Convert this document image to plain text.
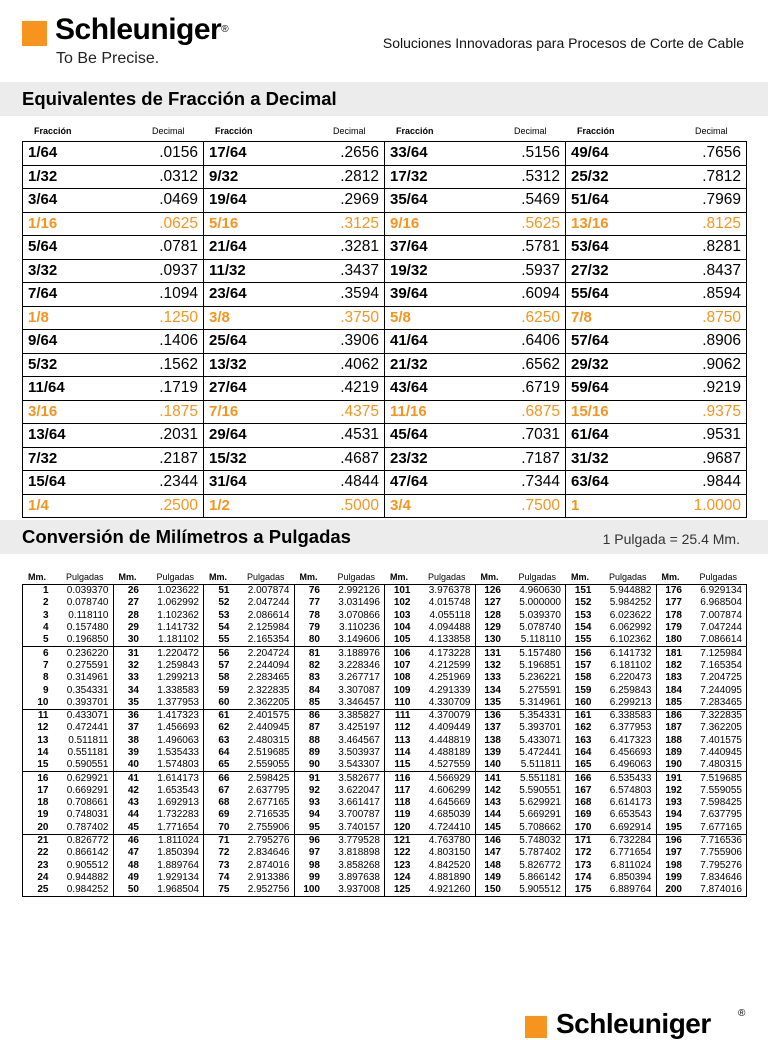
Schleuniger®
To Be Precise.
Soluciones Innovadoras para Procesos de Corte de Cable
Equivalentes de Fracción a Decimal
Fracción	Decimal	Fracción	Decimal	Fracción	Decimal	Fracción	Decimal
1/64	.0156	17/64	.2656	33/64	.5156	49/64	.7656
1/32	.0312	9/32	.2812	17/32	.5312	25/32	.7812
3/64	.0469	19/64	.2969	35/64	.5469	51/64	.7969
1/16	.0625	5/16	.3125	9/16	.5625	13/16	.8125
5/64	.0781	21/64	.3281	37/64	.5781	53/64	.8281
3/32	.0937	11/32	.3437	19/32	.5937	27/32	.8437
7/64	.1094	23/64	.3594	39/64	.6094	55/64	.8594
1/8	.1250	3/8	.3750	5/8	.6250	7/8	.8750
9/64	.1406	25/64	.3906	41/64	.6406	57/64	.8906
5/32	.1562	13/32	.4062	21/32	.6562	29/32	.9062
11/64	.1719	27/64	.4219	43/64	.6719	59/64	.9219
3/16	.1875	7/16	.4375	11/16	.6875	15/16	.9375
13/64	.2031	29/64	.4531	45/64	.7031	61/64	.9531
7/32	.2187	15/32	.4687	23/32	.7187	31/32	.9687
15/64	.2344	31/64	.4844	47/64	.7344	63/64	.9844
1/4	.2500	1/2	.5000	3/4	.7500	1	1.0000
Conversión de Milímetros a Pulgadas	1 Pulgada = 25.4 Mm.
Mm. Pulgadas Mm. Pulgadas Mm. Pulgadas Mm. Pulgadas Mm. Pulgadas Mm. Pulgadas Mm. Pulgadas Mm. Pulgadas
1	0.039370	26	1.023622	51	2.007874	76	2.992126	101	3.976378	126	4.960630	151	5.944882	176	6.929134
2	0.078740	27	1.062992	52	2.047244	77	3.031496	102	4.015748	127	5.000000	152	5.984252	177	6.968504
3	0.118110	28	1.102362	53	2.086614	78	3.070866	103	4.055118	128	5.039370	153	6.023622	178	7.007874
4	0.157480	29	1.141732	54	2.125984	79	3.110236	104	4.094488	129	5.078740	154	6.062992	179	7.047244
5	0.196850	30	1.181102	55	2.165354	80	3.149606	105	4.133858	130	5.118110	155	6.102362	180	7.086614
6	0.236220	31	1.220472	56	2.204724	81	3.188976	106	4.173228	131	5.157480	156	6.141732	181	7.125984
7	0.275591	32	1.259843	57	2.244094	82	3.228346	107	4.212599	132	5.196851	157	6.181102	182	7.165354
8	0.314961	33	1.299213	58	2.283465	83	3.267717	108	4.251969	133	5.236221	158	6.220473	183	7.204725
9	0.354331	34	1.338583	59	2.322835	84	3.307087	109	4.291339	134	5.275591	159	6.259843	184	7.244095
10	0.393701	35	1.377953	60	2.362205	85	3.346457	110	4.330709	135	5.314961	160	6.299213	185	7.283465
11	0.433071	36	1.417323	61	2.401575	86	3.385827	111	4.370079	136	5.354331	161	6.338583	186	7.322835
12	0.472441	37	1.456693	62	2.440945	87	3.425197	112	4.409449	137	5.393701	162	6.377953	187	7.362205
13	0.511811	38	1.496063	63	2.480315	88	3.464567	113	4.448819	138	5.433071	163	6.417323	188	7.401575
14	0.551181	39	1.535433	64	2.519685	89	3.503937	114	4.488189	139	5.472441	164	6.456693	189	7.440945
15	0.590551	40	1.574803	65	2.559055	90	3.543307	115	4.527559	140	5.511811	165	6.496063	190	7.480315
16	0.629921	41	1.614173	66	2.598425	91	3.582677	116	4.566929	141	5.551181	166	6.535433	191	7.519685
17	0.669291	42	1.653543	67	2.637795	92	3.622047	117	4.606299	142	5.590551	167	6.574803	192	7.559055
18	0.708661	43	1.692913	68	2.677165	93	3.661417	118	4.645669	143	5.629921	168	6.614173	193	7.598425
19	0.748031	44	1.732283	69	2.716535	94	3.700787	119	4.685039	144	5.669291	169	6.653543	194	7.637795
20	0.787402	45	1.771654	70	2.755906	95	3.740157	120	4.724410	145	5.708662	170	6.692914	195	7.677165
21	0.826772	46	1.811024	71	2.795276	96	3.779528	121	4.763780	146	5.748032	171	6.732284	196	7.716536
22	0.866142	47	1.850394	72	2.834646	97	3.818898	122	4.803150	147	5.787402	172	6.771654	197	7.755906
23	0.905512	48	1.889764	73	2.874016	98	3.858268	123	4.842520	148	5.826772	173	6.811024	198	7.795276
24	0.944882	49	1.929134	74	2.913386	99	3.897638	124	4.881890	149	5.866142	174	6.850394	199	7.834646
25	0.984252	50	1.968504	75	2.952756	100	3.937008	125	4.921260	150	5.905512	175	6.889764	200	7.874016
Schleuniger	®
